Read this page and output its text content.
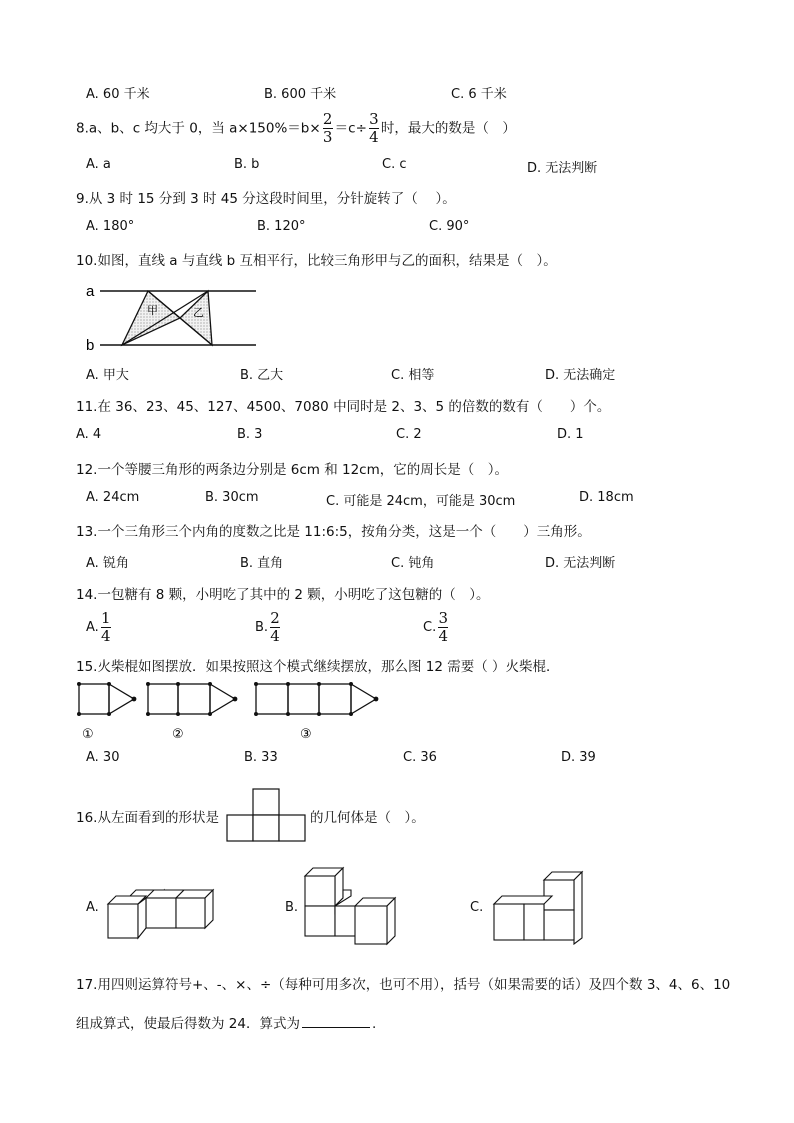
A. 60 千米	B. 600 千米	C. 6 千米
8.a、b、c 均大于 0，当 $a\times 150\%=b\times \frac{2}{3} =c\div \frac{3}{4}$ 时，最大的数是（　）
A. a	B. b	C. c	D. 无法判断
9.从 3 时 15 分到 3 时 45 分这段时间里，分针旋转了（　 ）。
A. 180°	B. 120°	C. 90°
10.如图，直线 a 与直线 b 互相平行，比较三角形甲与乙的面积，结果是（　）。
a
b
甲	乙
A. 甲大	B. 乙大	C. 相等	D. 无法确定
11.在 36、23、45、127、4500、7080 中同时是 2、3、5 的倍数的数有（　　）个。
A. 4	B. 3	C. 2	D. 1
12.一个等腰三角形的两条边分别是 6cm 和 12cm，它的周长是（　）。
A. 24cm	B. 30cm	C. 可能是 24cm，可能是 30cm	D. 18cm
13.一个三角形三个内角的度数之比是 11:6:5，按角分类，这是一个（　　）三角形。
A. 锐角	B. 直角	C. 钝角	D. 无法判断
14.一包糖有 8 颗，小明吃了其中的 2 颗，小明吃了这包糖的（　）。
A. $\frac{1}{4}$	B. $\frac{2}{4}$	C. $\frac{3}{4}$
15.火柴棍如图摆放．如果按照这个模式继续摆放，那么图 12 需要（ ）火柴棍．
①	②	③
A. 30	B. 33	C. 36	D. 39
16.从左面看到的形状是	的几何体是（　）。
A.	B.	C.
17.用四则运算符号+、-、×、÷（每种可用多次，也可不用），括号（如果需要的话）及四个数 3、4、6、10
组成算式，使最后得数为 24．算式为	.
